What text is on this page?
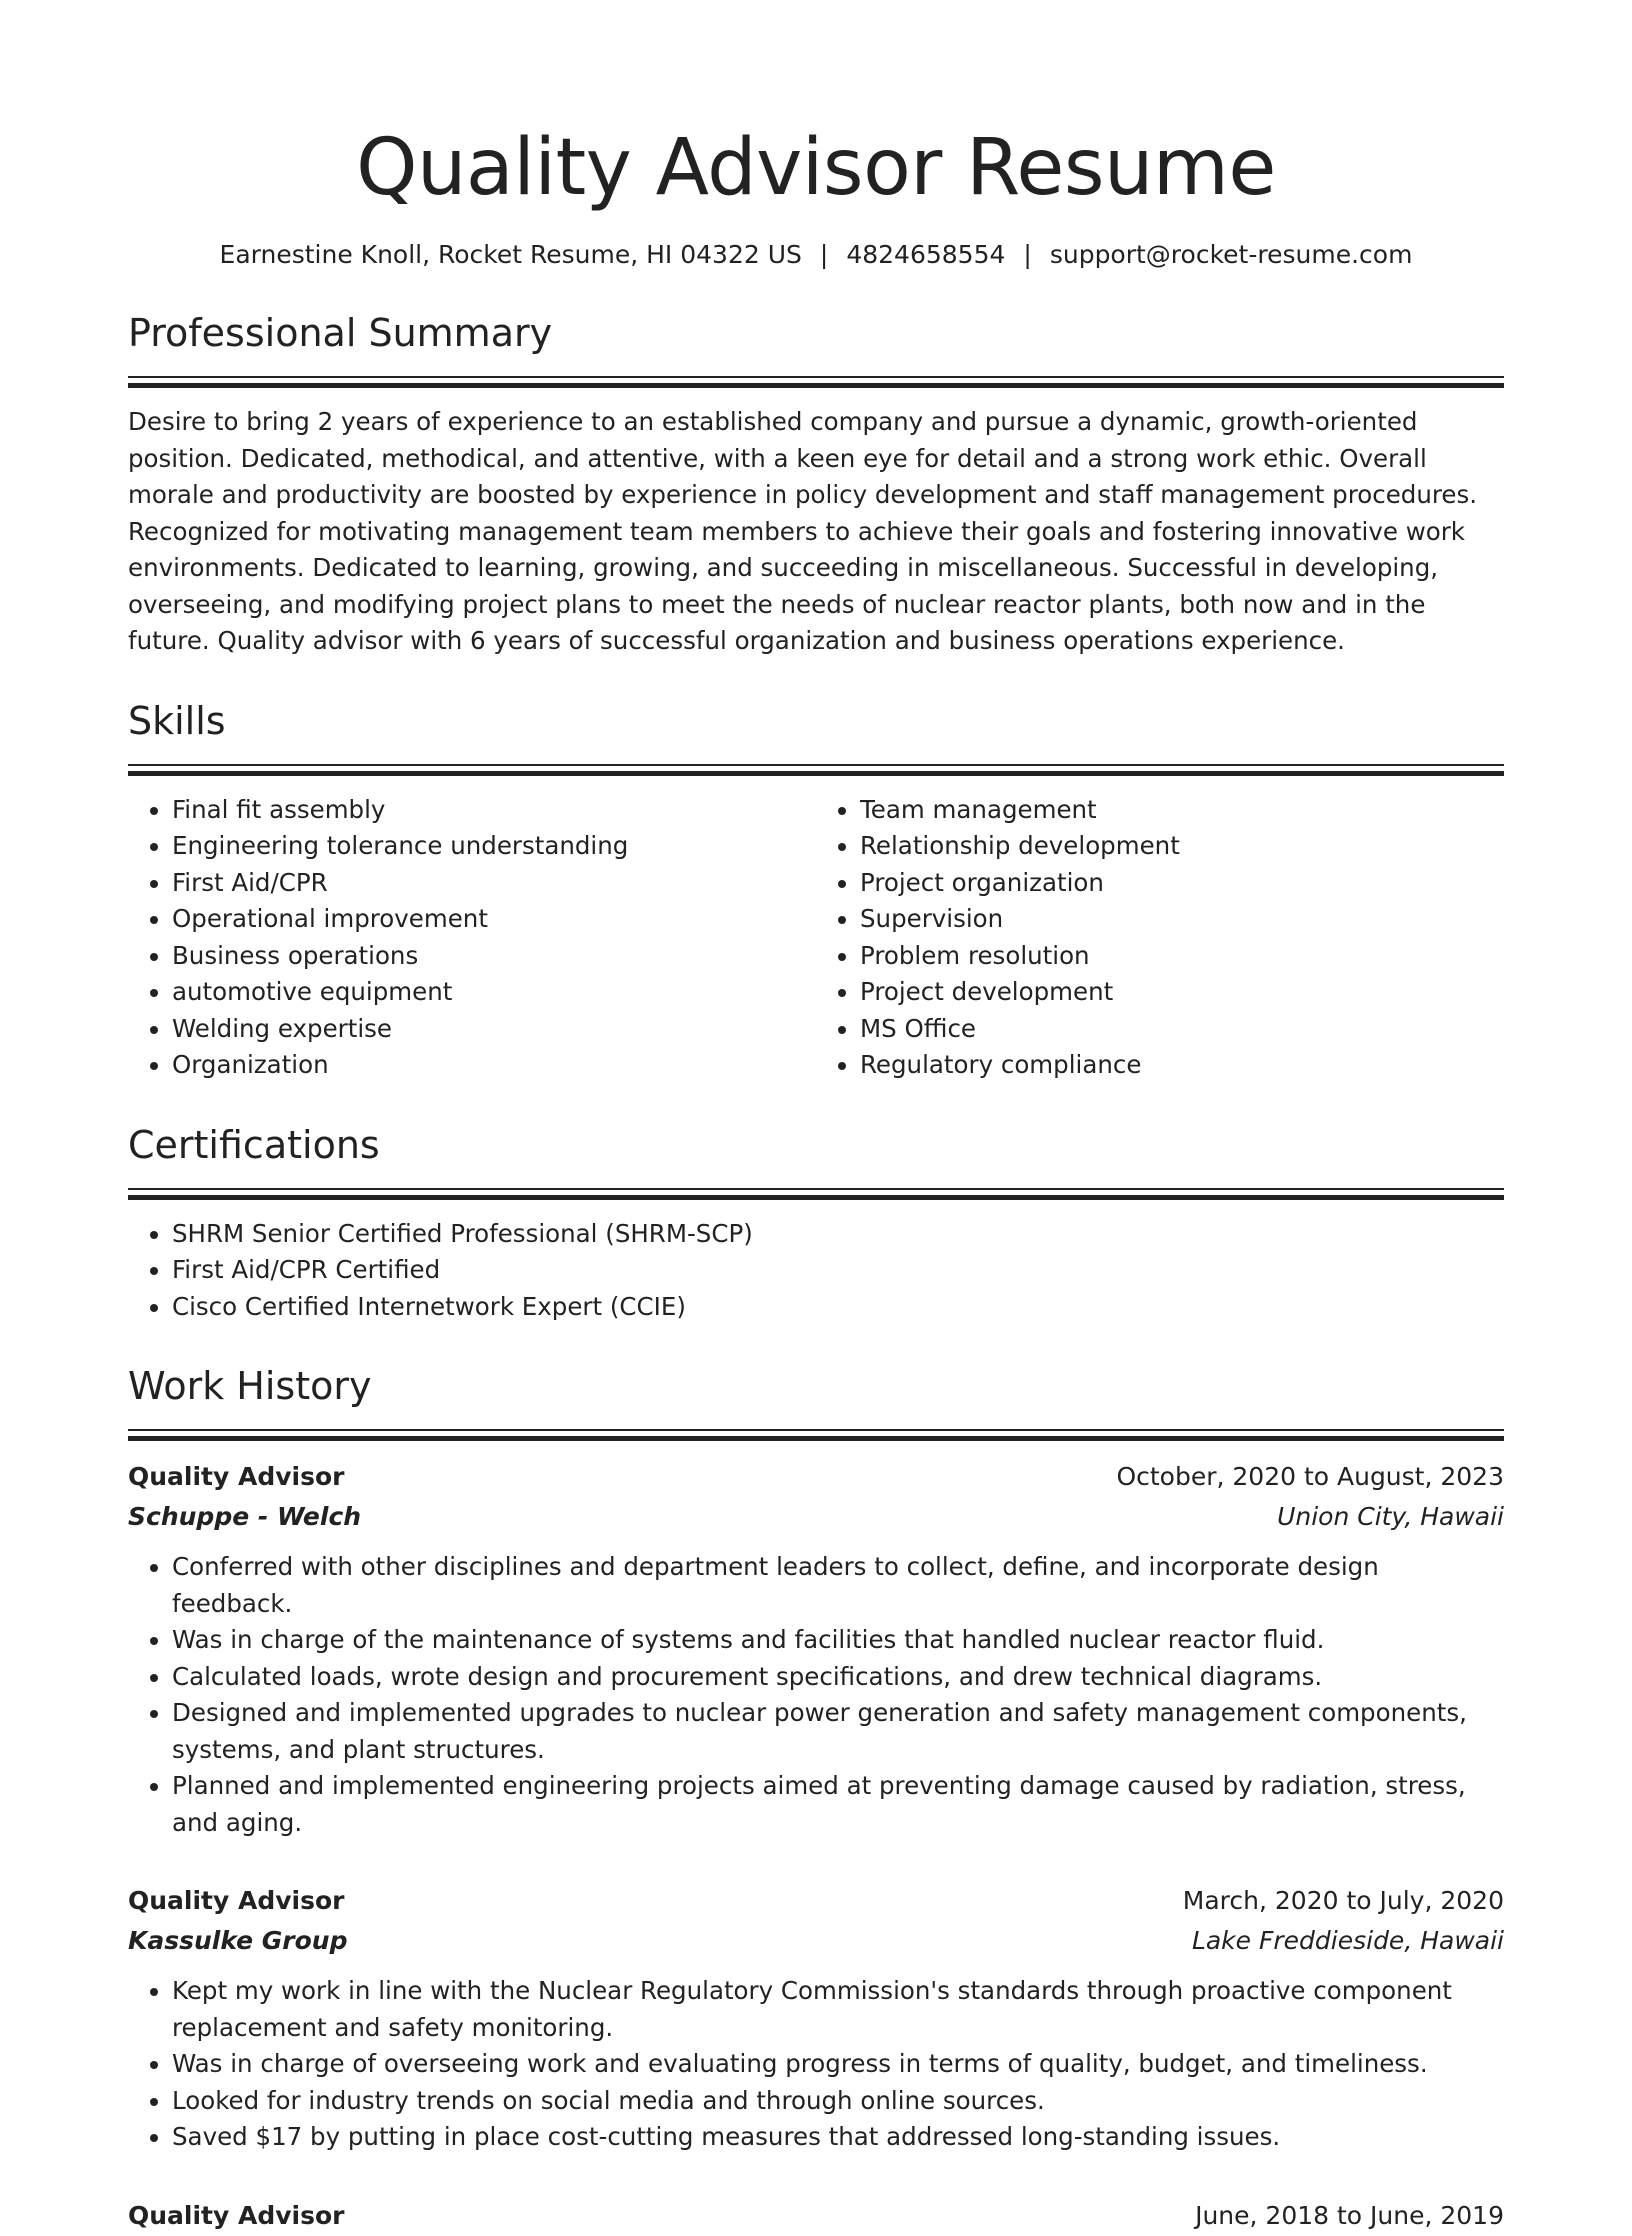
Quality Advisor Resume
Earnestine Knoll, Rocket Resume, HI 04322 US | 4824658554 | support@rocket-resume.com
Professional Summary

Desire to bring 2 years of experience to an established company and pursue a dynamic, growth-oriented position. Dedicated, methodical, and attentive, with a keen eye for detail and a strong work ethic. Overall morale and productivity are boosted by experience in policy development and staff management procedures. Recognized for motivating management team members to achieve their goals and fostering innovative work environments. Dedicated to learning, growing, and succeeding in miscellaneous. Successful in developing, overseeing, and modifying project plans to meet the needs of nuclear reactor plants, both now and in the future. Quality advisor with 6 years of successful organization and business operations experience.

Skills
• Final fit assembly
• Engineering tolerance understanding
• First Aid/CPR
• Operational improvement
• Business operations
• automotive equipment
• Welding expertise
• Organization
• Team management
• Relationship development
• Project organization
• Supervision
• Problem resolution
• Project development
• MS Office
• Regulatory compliance
Certifications
• SHRM Senior Certified Professional (SHRM-SCP)
• First Aid/CPR Certified
• Cisco Certified Internetwork Expert (CCIE)
Work History
Quality Advisor	October, 2020 to August, 2023
Schuppe - Welch	Union City, Hawaii
• Conferred with other disciplines and department leaders to collect, define, and incorporate design feedback.
• Was in charge of the maintenance of systems and facilities that handled nuclear reactor fluid.
• Calculated loads, wrote design and procurement specifications, and drew technical diagrams.
• Designed and implemented upgrades to nuclear power generation and safety management components, systems, and plant structures.
• Planned and implemented engineering projects aimed at preventing damage caused by radiation, stress, and aging.
Quality Advisor	March, 2020 to July, 2020
Kassulke Group	Lake Freddieside, Hawaii
• Kept my work in line with the Nuclear Regulatory Commission's standards through proactive component replacement and safety monitoring.
• Was in charge of overseeing work and evaluating progress in terms of quality, budget, and timeliness.
• Looked for industry trends on social media and through online sources.
• Saved $17 by putting in place cost-cutting measures that addressed long-standing issues.
Quality Advisor	June, 2018 to June, 2019
